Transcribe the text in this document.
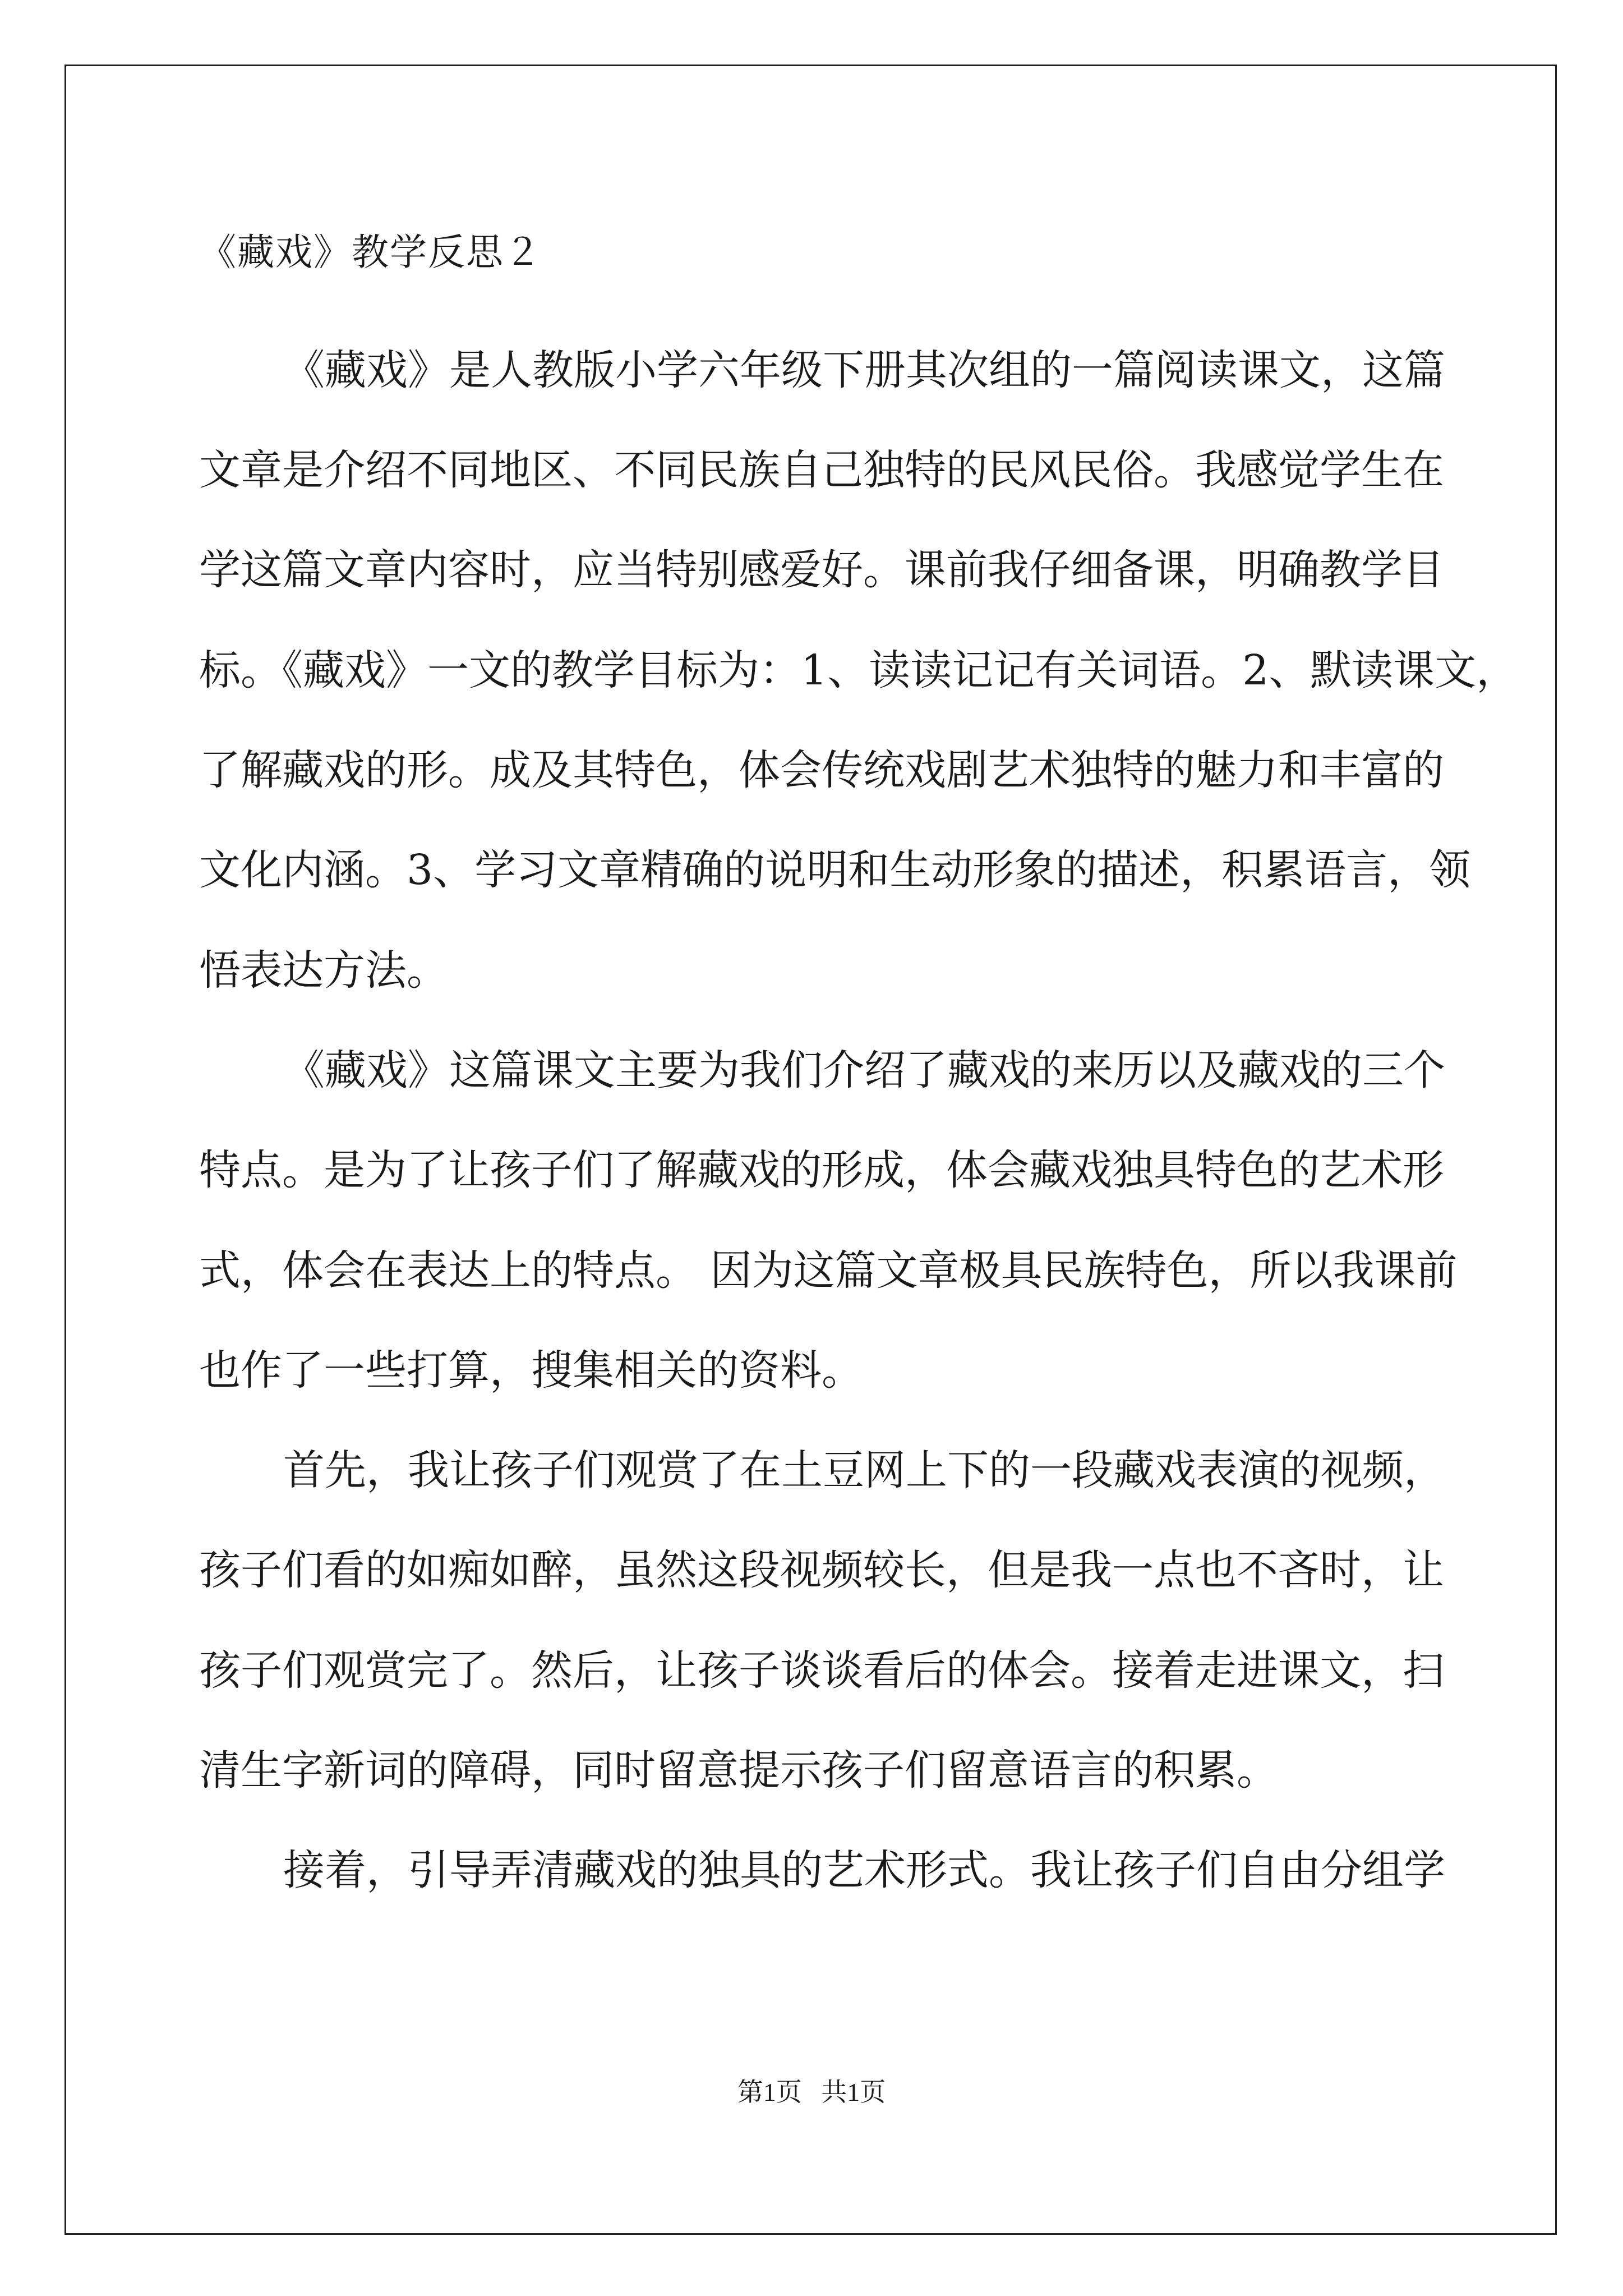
《藏戏》教学反思２

《藏戏》是人教版小学六年级下册其次组的一篇阅读课文，这篇

文章是介绍不同地区、不同民族自己独特的民风民俗。我感觉学生在

学这篇文章内容时，应当特别感爱好。课前我仔细备课，明确教学目

标。《藏戏》一文的教学目标为：1、读读记记有关词语。2、默读课文，

了解藏戏的形。成及其特色，体会传统戏剧艺术独特的魅力和丰富的

文化内涵。3、学习文章精确的说明和生动形象的描述，积累语言，领

悟表达方法。

《藏戏》这篇课文主要为我们介绍了藏戏的来历以及藏戏的三个

特点。是为了让孩子们了解藏戏的形成，体会藏戏独具特色的艺术形

式，体会在表达上的特点。 因为这篇文章极具民族特色，所以我课前

也作了一些打算，搜集相关的资料。

首先，我让孩子们观赏了在土豆网上下的一段藏戏表演的视频，

孩子们看的如痴如醉，虽然这段视频较长，但是我一点也不吝时，让

孩子们观赏完了。然后，让孩子谈谈看后的体会。接着走进课文，扫

清生字新词的障碍，同时留意提示孩子们留意语言的积累。

接着，引导弄清藏戏的独具的艺术形式。我让孩子们自由分组学

第1页   共1页
